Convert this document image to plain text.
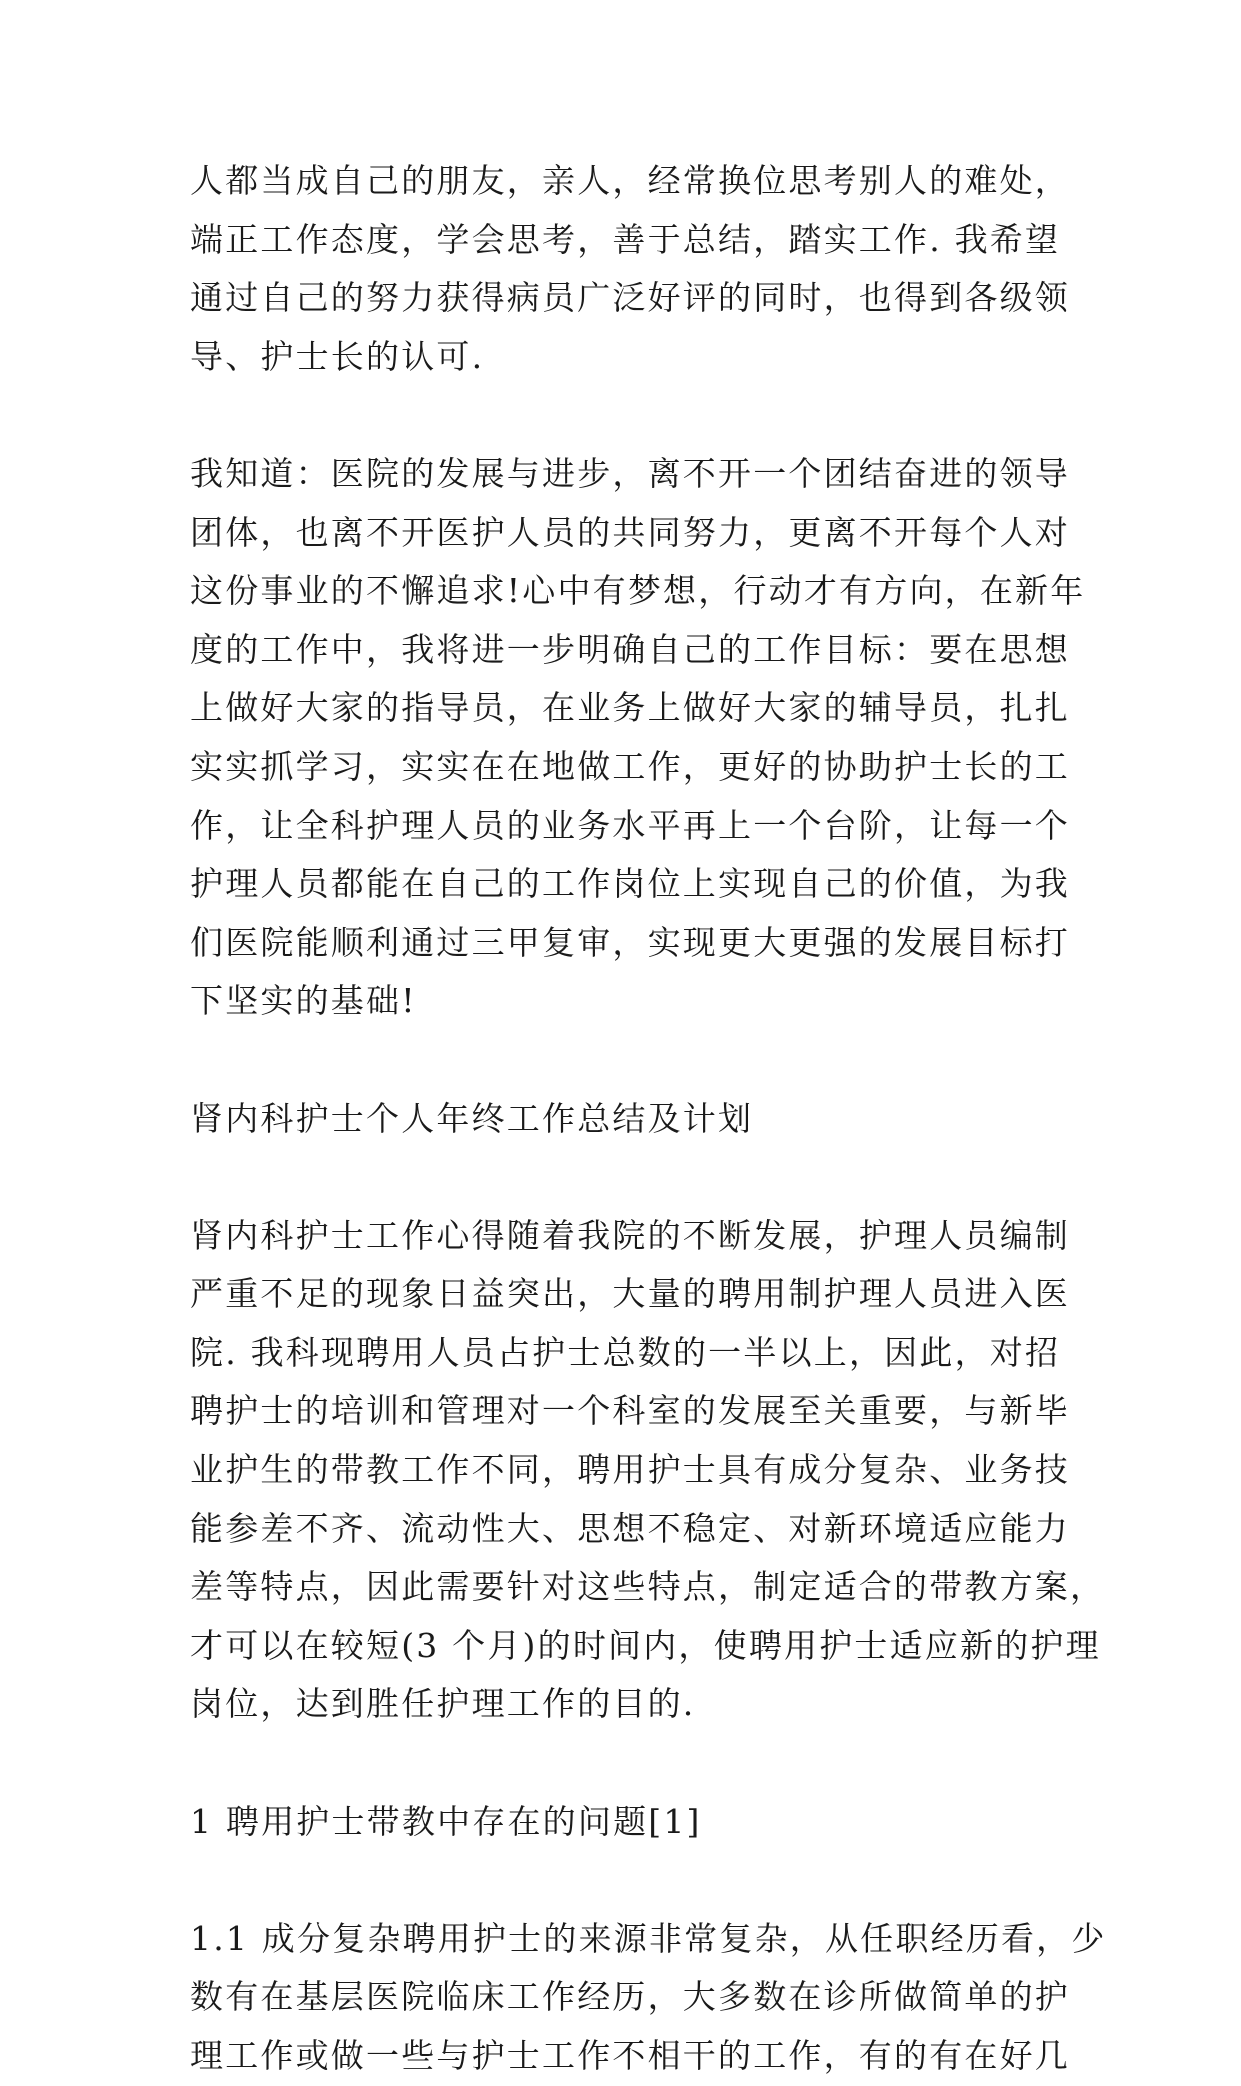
人都当成自己的朋友，亲人，经常换位思考别人的难处，
端正工作态度，学会思考，善于总结，踏实工作. 我希望
通过自己的努力获得病员广泛好评的同时，也得到各级领
导、护士长的认可.

我知道：医院的发展与进步，离不开一个团结奋进的领导
团体，也离不开医护人员的共同努力，更离不开每个人对
这份事业的不懈追求!心中有梦想，行动才有方向，在新年
度的工作中，我将进一步明确自己的工作目标：要在思想
上做好大家的指导员，在业务上做好大家的辅导员，扎扎
实实抓学习，实实在在地做工作，更好的协助护士长的工
作，让全科护理人员的业务水平再上一个台阶，让每一个
护理人员都能在自己的工作岗位上实现自己的价值，为我
们医院能顺利通过三甲复审，实现更大更强的发展目标打
下坚实的基础!

肾内科护士个人年终工作总结及计划

肾内科护士工作心得随着我院的不断发展，护理人员编制
严重不足的现象日益突出，大量的聘用制护理人员进入医
院. 我科现聘用人员占护士总数的一半以上，因此，对招
聘护士的培训和管理对一个科室的发展至关重要，与新毕
业护生的带教工作不同，聘用护士具有成分复杂、业务技
能参差不齐、流动性大、思想不稳定、对新环境适应能力
差等特点，因此需要针对这些特点，制定适合的带教方案，
才可以在较短(3 个月)的时间内，使聘用护士适应新的护理
岗位，达到胜任护理工作的目的.

1 聘用护士带教中存在的问题[1]

1.1 成分复杂聘用护士的来源非常复杂，从任职经历看，少
数有在基层医院临床工作经历，大多数在诊所做简单的护
理工作或做一些与护士工作不相干的工作，有的有在好几
